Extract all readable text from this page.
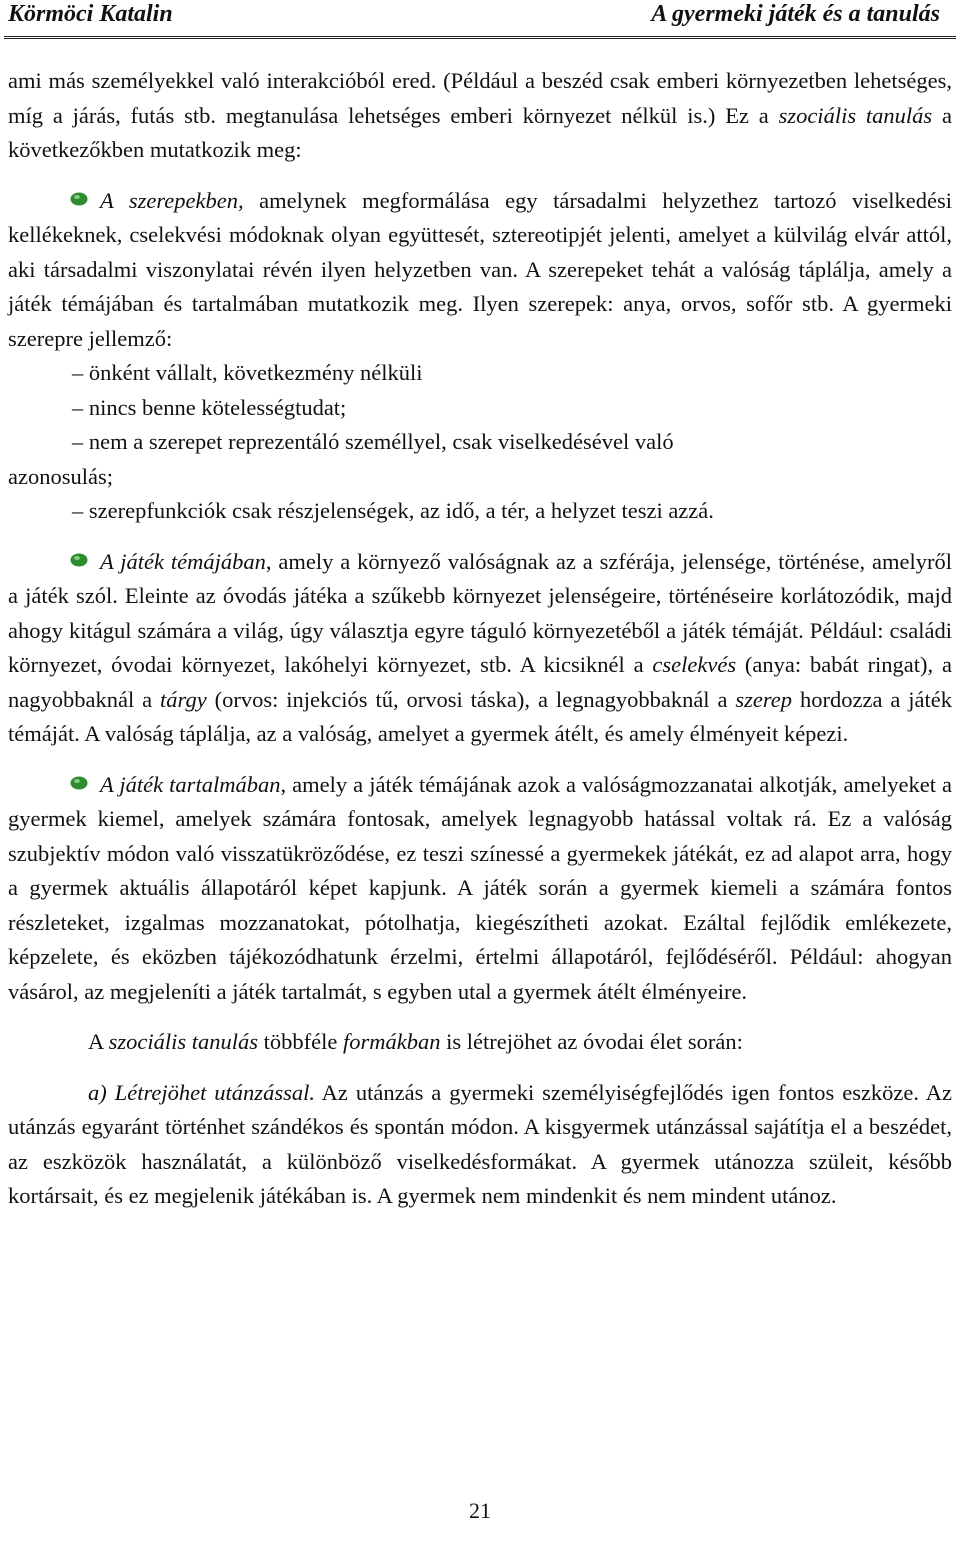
Körmöci Katalin	A gyermeki játék és a tanulás

ami más személyekkel való interakcióból ered. (Például a beszéd csak emberi környezetben lehetséges, míg a járás, futás stb. megtanulása lehetséges emberi környezet nélkül is.) Ez a szociális tanulás a következőkben mutatkozik meg:

A szerepekben, amelynek megformálása egy társadalmi helyzethez tartozó viselkedési kellékeknek, cselekvési módoknak olyan együttesét, sztereotipjét jelenti, amelyet a külvilág elvár attól, aki társadalmi viszonylatai révén ilyen helyzetben van. A szerepeket tehát a valóság táplálja, amely a játék témájában és tartalmában mutatkozik meg. Ilyen szerepek: anya, orvos, sofőr stb. A gyermeki szerepre jellemző:

– önként vállalt, következmény nélküli
– nincs benne kötelességtudat;
– nem a szerepet reprezentáló személlyel, csak viselkedésével való
azonosulás;
– szerepfunkciók csak részjelenségek, az idő, a tér, a helyzet teszi azzá.

A játék témájában, amely a környező valóságnak az a szférája, jelensége, történése, amelyről a játék szól. Eleinte az óvodás játéka a szűkebb környezet jelenségeire, történéseire korlátozódik, majd ahogy kitágul számára a világ, úgy választja egyre táguló környezetéből a játék témáját. Például: családi környezet, óvodai környezet, lakóhelyi környezet, stb. A kicsiknél a cselekvés (anya: babát ringat), a nagyobbaknál a tárgy (orvos: injekciós tű, orvosi táska), a legnagyobbaknál a szerep hordozza a játék témáját. A valóság táplálja, az a valóság, amelyet a gyermek átélt, és amely élményeit képezi.

A játék tartalmában, amely a játék témájának azok a valóságmozzanatai alkotják, amelyeket a gyermek kiemel, amelyek számára fontosak, amelyek legnagyobb hatással voltak rá. Ez a valóság szubjektív módon való visszatükröződése, ez teszi színessé a gyermekek játékát, ez ad alapot arra, hogy a gyermek aktuális állapotáról képet kapjunk. A játék során a gyermek kiemeli a számára fontos részleteket, izgalmas mozzanatokat, pótolhatja, kiegészítheti azokat. Ezáltal fejlődik emlékezete, képzelete, és eközben tájékozódhatunk érzelmi, értelmi állapotáról, fejlődéséről. Például: ahogyan vásárol, az megjeleníti a játék tartalmát, s egyben utal a gyermek átélt élményeire.

A szociális tanulás többféle formákban is létrejöhet az óvodai élet során:

a) Létrejöhet utánzással. Az utánzás a gyermeki személyiségfejlődés igen fontos eszköze. Az utánzás egyaránt történhet szándékos és spontán módon. A kisgyermek utánzással sajátítja el a beszédet, az eszközök használatát, a különböző viselkedésformákat. A gyermek utánozza szüleit, később kortársait, és ez megjelenik játékában is. A gyermek nem mindenkit és nem mindent utánoz.

21
